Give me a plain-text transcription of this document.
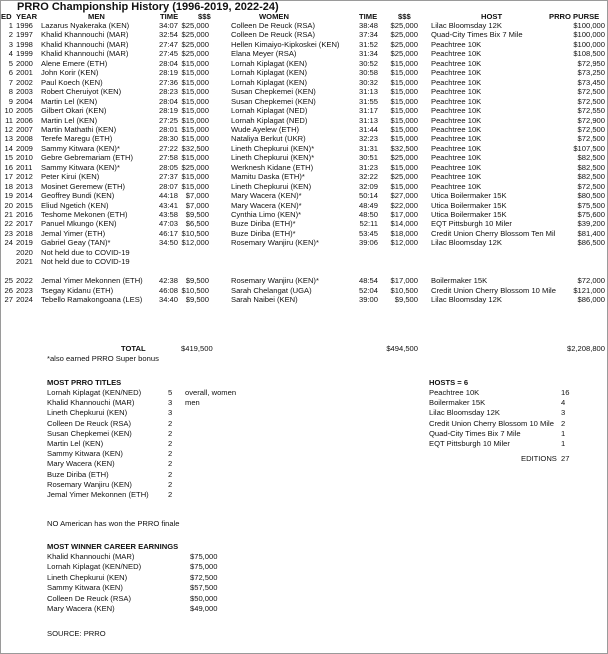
PRRO Championship History (1996-2019, 2022-24)
ED YEAR	MEN	TIME	$$$	WOMEN	TIME	$$$	HOST	PRRO PURSE
1 1996	Lazarus Nyakeraka (KEN)	34:07 $25,000	Colleen De Reuck (RSA)	38:48	$25,000 Lilac Bloomsday 12K	$100,000
2 1997	Khalid Khannouchi (MAR)	32:54 $25,000	Colleen De Reuck (RSA)	37:34	$25,000 Quad-City Times Bix 7 Mile	$100,000
3 1998	Khalid Khannouchi (MAR)	27:47 $25,000	Hellen Kimaiyo-Kipkoskei (KEN)	31:52	$25,000 Peachtree 10K	$100,000
4 1999	Khalid Khannouchi (MAR)	27:45 $25,000	Elana Meyer (RSA)	31:34	$25,000 Peachtree 10K	$108,500
5 2000	Alene Emere (ETH)	28:04 $15,000	Lornah Kiplagat (KEN)	30:52	$15,000 Peachtree 10K	$72,950
6 2001	John Korir (KEN)	28:19 $15,000	Lornah Kiplagat (KEN)	30:58	$15,000 Peachtree 10K	$73,250
7 2002	Paul Koech (KEN)	27:36 $15,000	Lornah Kiplagat (KEN)	30:32	$15,000 Peachtree 10K	$73,450
8 2003	Robert Cheruiyot (KEN)	28:23 $15,000	Susan Chepkemei (KEN)	31:13	$15,000 Peachtree 10K	$72,500
9 2004	Martin Lel (KEN)	28:04 $15,000	Susan Chepkemei (KEN)	31:55	$15,000 Peachtree 10K	$72,500
10 2005	Gilbert Okari (KEN)	28:19 $15,000	Lornah Kiplagat (NED)	31:17	$15,000 Peachtree 10K	$72,550
11 2006	Martin Lel (KEN)	27:25 $15,000	Lornah Kiplagat (NED)	31:13	$15,000 Peachtree 10K	$72,900
12 2007	Martin Mathathi (KEN)	28:01 $15,000	Wude Ayelew (ETH)	31:44	$15,000 Peachtree 10K	$72,500
13 2008	Terefe Maregu (ETH)	28:30 $15,000	Nataliya Berkut (UKR)	32:23	$15,000 Peachtree 10K	$72,500
14 2009	Sammy Kitwara (KEN)*	27:22 $32,500	Lineth Chepkurui (KEN)*	31:31	$32,500 Peachtree 10K	$107,500
15 2010	Gebre Gebremariam (ETH)	27:58 $15,000	Lineth Chepkurui (KEN)*	30:51	$25,000 Peachtree 10K	$82,500
16 2011	Sammy Kitwara (KEN)*	28:05 $25,000	Werknesh Kidane (ETH)	31:23	$15,000 Peachtree 10K	$82,500
17 2012	Peter Kirui (KEN)	27:37 $15,000	Mamitu Daska (ETH)*	32:22	$25,000 Peachtree 10K	$82,500
18 2013	Mosinet Geremew (ETH)	28:07 $15,000	Lineth Chepkurui (KEN)	32:09	$15,000 Peachtree 10K	$72,500
19 2014	Geoffrey Bundi (KEN)	44:18	$7,000	Mary Wacera (KEN)*	50:14	$27,000 Utica Boilermaker 15K	$80,500
20 2015	Eliud Ngetich (KEN)	43:41	$7,000	Mary Wacera (KEN)*	48:49	$22,000 Utica Boilermaker 15K	$75,500
21 2016	Teshome Mekonen (ETH)	43:58	$9,500	Cynthia Limo (KEN)*	48:50	$17,000 Utica Boilermaker 15K	$75,600
22 2017	Panuel Mkungo (KEN)	47:03	$6,500	Buze Diriba (ETH)*	52:11	$14,000 EQT Pittsburgh 10 Miler	$39,200
23 2018	Jemal Yimer (ETH)	46:17 $10,500	Buze Diriba (ETH)*	53:45	$18,000 Credit Union Cherry Blossom Ten Mil	$81,400
24 2019	Gabriel Geay (TAN)*	34:50 $12,000	Rosemary Wanjiru (KEN)*	39:06	$12,000 Lilac Bloomsday 12K	$86,500
2020	Not held due to COVID-19
2021	Not held due to COVID-19
25 2022	Jemal Yimer Mekonnen (ETH)	42:38	$9,500	Rosemary Wanjiru (KEN)*	48:54	$17,000 Boilermaker 15K	$72,000
26 2023	Tsegay Kidanu (ETH)	46:08 $10,500	Sarah Chelangat (UGA)	52:04	$10,500 Credit Union Cherry Blossom 10 Mile	$121,000
27 2024	Tebello Ramakongoana (LES)	34:40	$9,500	Sarah Naibei (KEN)	39:00	$9,500 Lilac Bloomsday 12K	$86,000
TOTAL	$419,500	$494,500	$2,208,800
*also earned PRRO Super bonus
MOST PRRO TITLES
Lornah Kiplagat (KEN/NED)	5 overall, women
Khalid Khannouchi (MAR)	3 men
Lineth Chepkurui (KEN)	3
Colleen De Reuck (RSA)	2
Susan Chepkemei (KEN)	2
Martin Lel (KEN)	2
Sammy Kitwara (KEN)	2
Mary Wacera (KEN)	2
Buze Diriba (ETH)	2
Rosemary Wanjiru (KEN)	2
Jemal Yimer Mekonnen (ETH)	2
NO American has won the PRRO finale
HOSTS = 6
Peachtree 10K	16
Boilermaker 15K	4
Lilac Bloomsday 12K	3
Credit Union Cherry Blossom 10 Mile 2
Quad-City Times Bix 7 Mile	1
EQT Pittsburgh 10 Miler	1
EDITIONS 27
MOST WINNER CAREER EARNINGS
Khalid Khannouchi (MAR)	$75,000
Lornah Kiplagat (KEN/NED)	$75,000
Lineth Chepkurui (KEN)	$72,500
Sammy Kitwara (KEN)	$57,500
Colleen De Reuck (RSA)	$50,000
Mary Wacera (KEN)	$49,000
SOURCE: PRRO
